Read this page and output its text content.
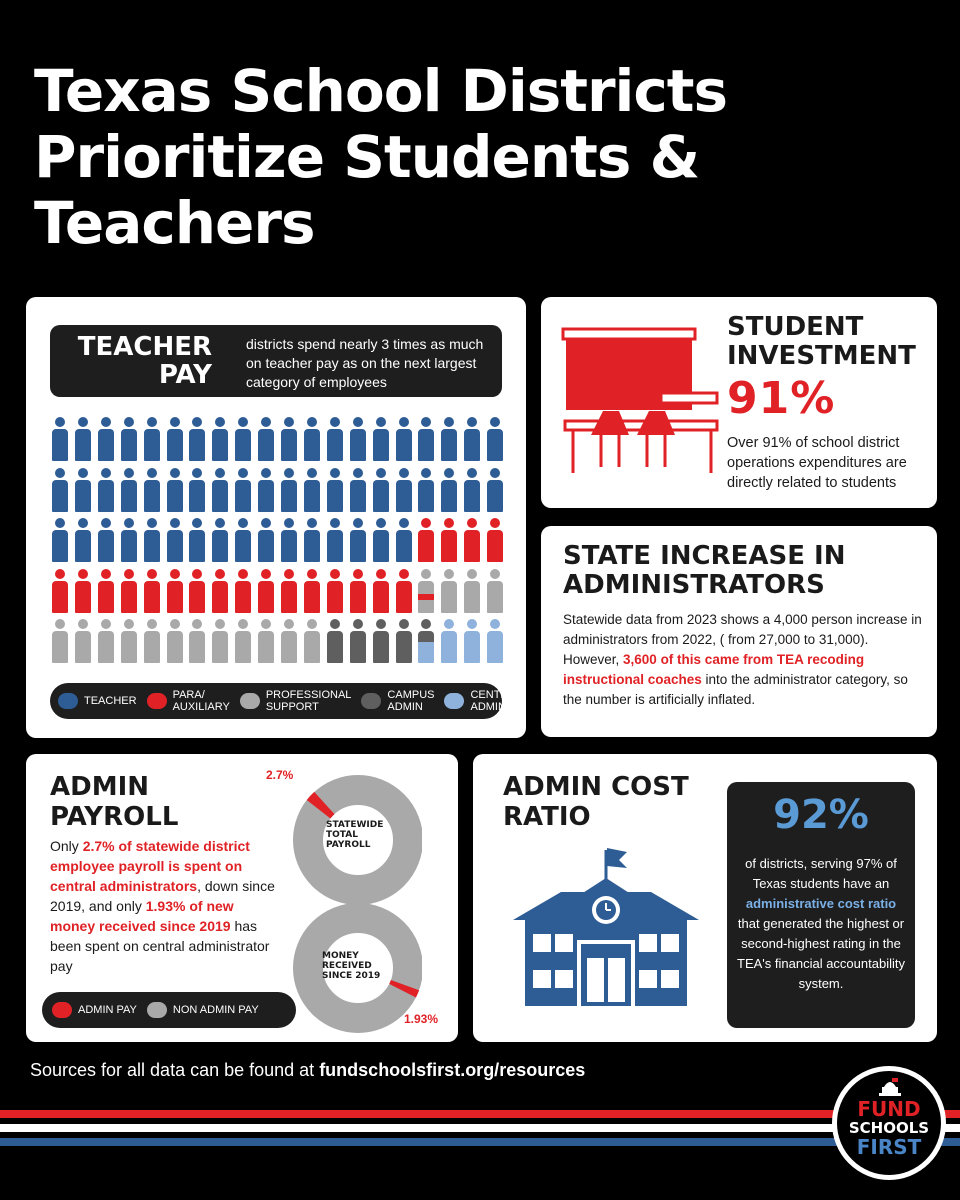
Texas School Districts
Prioritize Students &
Teachers
TEACHER
PAY
districts spend nearly 3 times as much on teacher pay as on the next largest category of employees
TEACHER	PARA/
AUXILIARY
PROFESSIONAL
SUPPORT
CAMPUS
ADMIN
CENTRAL
ADMIN
STUDENT
INVESTMENT
91%
Over 91% of school district operations expenditures are directly related to students
STATE INCREASE IN
ADMINISTRATORS
Statewide data from 2023 shows a 4,000 person increase in administrators from 2022, ( from 27,000 to 31,000). However, 3,600 of this came from TEA recoding instructional coaches into the administrator category, so the number is artificially inflated.
ADMIN
PAYROLL
Only 2.7% of statewide district employee payroll is spent on central administrators, down since 2019, and only 1.93% of new money received since 2019 has been spent on central administrator pay
STATEWIDE
TOTAL
PAYROLL
2.7%
MONEY
RECEIVED
SINCE 2019
1.93%
ADMIN PAY	NON ADMIN PAY
ADMIN COST
RATIO	92%
of districts, serving 97% of Texas students have an administrative cost ratio that generated the highest or second-highest rating in the TEA's financial accountability system.
Sources for all data can be found at fundschoolsfirst.org/resources
FUND
SCHOOLS
FIRST
